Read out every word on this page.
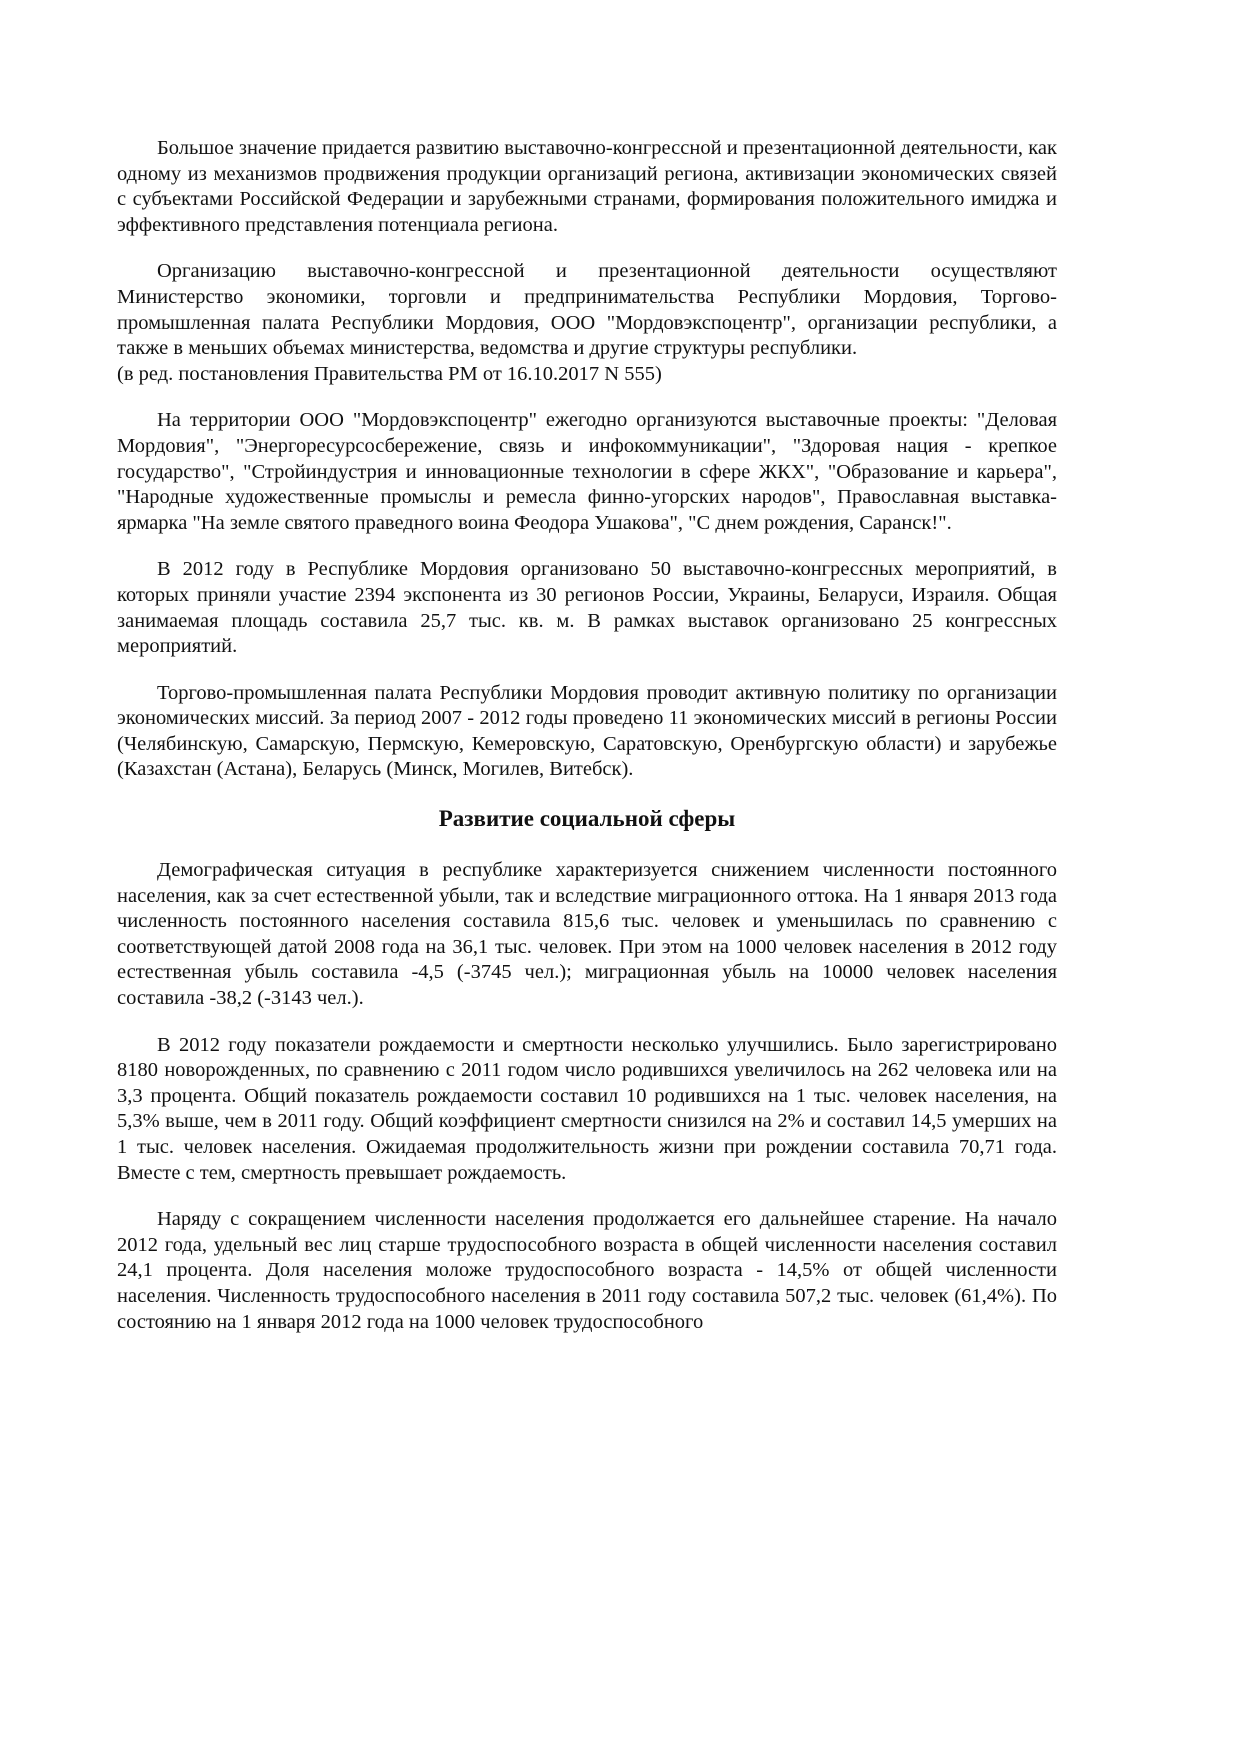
Большое значение придается развитию выставочно-конгрессной и презентационной деятельности, как одному из механизмов продвижения продукции организаций региона, активизации экономических связей с субъектами Российской Федерации и зарубежными странами, формирования положительного имиджа и эффективного представления потенциала региона.

Организацию выставочно-конгрессной и презентационной деятельности осуществляют Министерство экономики, торговли и предпринимательства Республики Мордовия, Торгово-промышленная палата Республики Мордовия, ООО "Мордовэкспоцентр", организации республики, а также в меньших объемах министерства, ведомства и другие структуры республики.
(в ред. постановления Правительства РМ от 16.10.2017 N 555)

На территории ООО "Мордовэкспоцентр" ежегодно организуются выставочные проекты: "Деловая Мордовия", "Энергоресурсосбережение, связь и инфокоммуникации", "Здоровая нация - крепкое государство", "Стройиндустрия и инновационные технологии в сфере ЖКХ", "Образование и карьера", "Народные художественные промыслы и ремесла финно-угорских народов", Православная выставка-ярмарка "На земле святого праведного воина Феодора Ушакова", "С днем рождения, Саранск!".

В 2012 году в Республике Мордовия организовано 50 выставочно-конгрессных мероприятий, в которых приняли участие 2394 экспонента из 30 регионов России, Украины, Беларуси, Израиля. Общая занимаемая площадь составила 25,7 тыс. кв. м. В рамках выставок организовано 25 конгрессных мероприятий.

Торгово-промышленная палата Республики Мордовия проводит активную политику по организации экономических миссий. За период 2007 - 2012 годы проведено 11 экономических миссий в регионы России (Челябинскую, Самарскую, Пермскую, Кемеровскую, Саратовскую, Оренбургскую области) и зарубежье (Казахстан (Астана), Беларусь (Минск, Могилев, Витебск).

Развитие социальной сферы

Демографическая ситуация в республике характеризуется снижением численности постоянного населения, как за счет естественной убыли, так и вследствие миграционного оттока. На 1 января 2013 года численность постоянного населения составила 815,6 тыс. человек и уменьшилась по сравнению с соответствующей датой 2008 года на 36,1 тыс. человек. При этом на 1000 человек населения в 2012 году естественная убыль составила -4,5 (-3745 чел.); миграционная убыль на 10000 человек населения составила -38,2 (-3143 чел.).

В 2012 году показатели рождаемости и смертности несколько улучшились. Было зарегистрировано 8180 новорожденных, по сравнению с 2011 годом число родившихся увеличилось на 262 человека или на 3,3 процента. Общий показатель рождаемости составил 10 родившихся на 1 тыс. человек населения, на 5,3% выше, чем в 2011 году. Общий коэффициент смертности снизился на 2% и составил 14,5 умерших на 1 тыс. человек населения. Ожидаемая продолжительность жизни при рождении составила 70,71 года. Вместе с тем, смертность превышает рождаемость.

Наряду с сокращением численности населения продолжается его дальнейшее старение. На начало 2012 года, удельный вес лиц старше трудоспособного возраста в общей численности населения составил 24,1 процента. Доля населения моложе трудоспособного возраста - 14,5% от общей численности населения. Численность трудоспособного населения в 2011 году составила 507,2 тыс. человек (61,4%). По состоянию на 1 января 2012 года на 1000 человек трудоспособного
